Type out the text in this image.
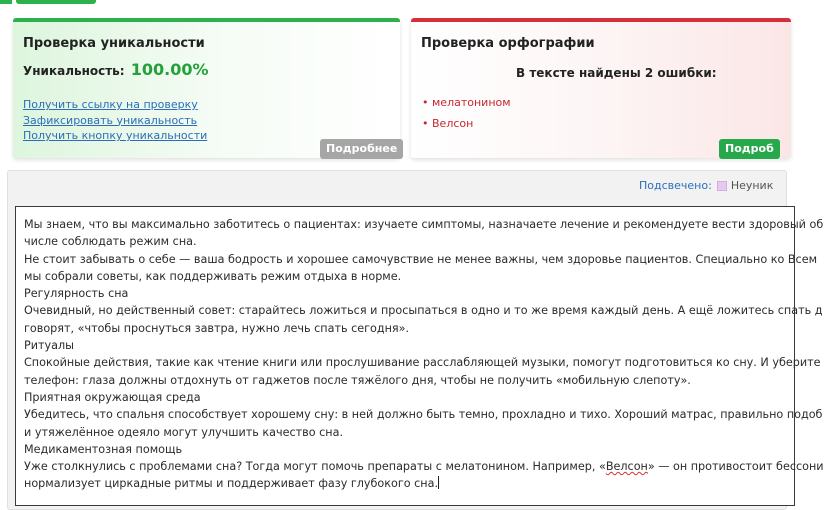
Проверка уникальности
Уникальность: 100.00%
Получить ссылку на проверку
Зафиксировать уникальность
Получить кнопку уникальности
Подробнее
Проверка орфографии
В тексте найдены 2 ошибки:
• мелатонином
• Велсон
Подроб
Подсвечено: Неуник
Мы знаем, что вы максимально заботитесь о пациентах: изучаете симптомы, назначаете лечение и рекомендуете вести здоровый об
числе соблюдать режим сна.
Не стоит забывать о себе — ваша бодрость и хорошее самочувствие не менее важны, чем здоровье пациентов. Специально ко Всем
мы собрали советы, как поддерживать режим отдыха в норме.
Регулярность сна
Очевидный, но действенный совет: старайтесь ложиться и просыпаться в одно и то же время каждый день. А ещё ложитесь спать д
говорят, «чтобы проснуться завтра, нужно лечь спать сегодня».
Ритуалы
Спокойные действия, такие как чтение книги или прослушивание расслабляющей музыки, помогут подготовиться ко сну. И уберите
телефон: глаза должны отдохнуть от гаджетов после тяжёлого дня, чтобы не получить «мобильную слепоту».
Приятная окружающая среда
Убедитесь, что спальня способствует хорошему сну: в ней должно быть темно, прохладно и тихо. Хороший матрас, правильно подоб
и утяжелённое одеяло могут улучшить качество сна.
Медикаментозная помощь
Уже столкнулись с проблемами сна? Тогда могут помочь препараты с мелатонином. Например, «Велсон» — он противостоит бессони
нормализует циркадные ритмы и поддерживает фазу глубокого сна.
